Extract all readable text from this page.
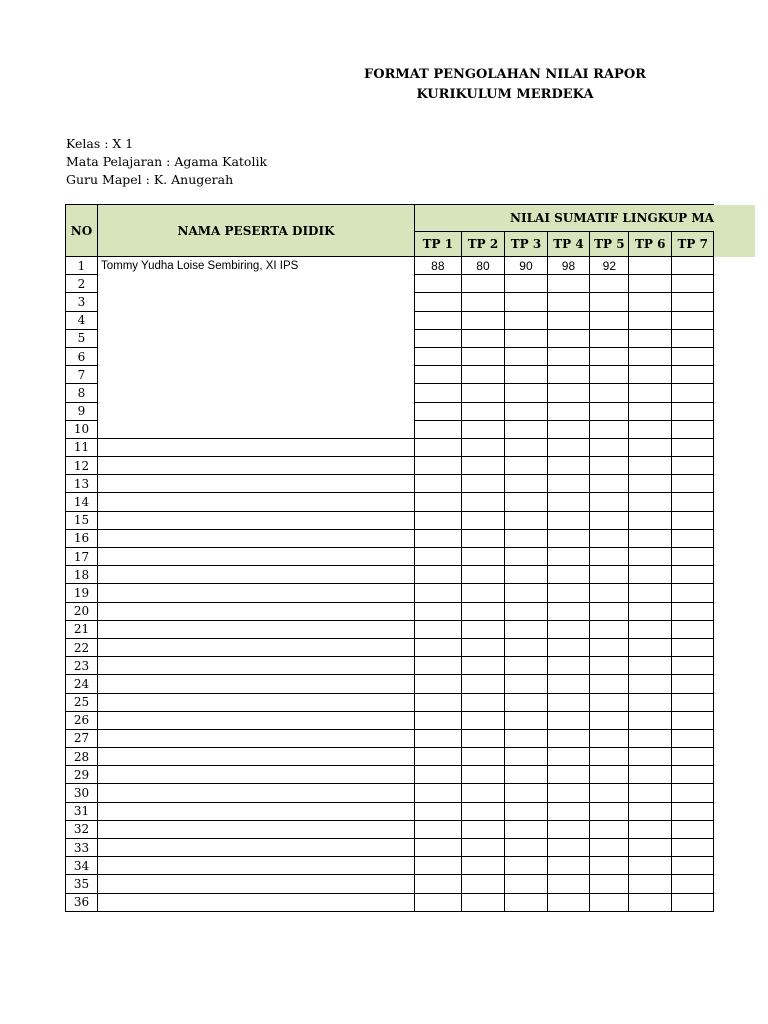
FORMAT PENGOLAHAN NILAI RAPOR
KURIKULUM MERDEKA
Kelas : X 1
Mata Pelajaran : Agama Katolik
Guru Mapel : K. Anugerah
NO	NAMA PESERTA DIDIK	NILAI SUMATIF LINGKUP MA							
		TP 1	TP 2	TP 3	TP 4	TP 5	TP 6	TP 7	
1	Tommy Yudha Loise Sembiring, XI IPS	88	80	90	98	92			
2									
3									
4									
5									
6									
7									
8									
9									
10									
11									
12									
13									
14									
15									
16									
17									
18									
19									
20									
21									
22									
23									
24									
25									
26									
27									
28									
29									
30									
31									
32									
33									
34									
35									
36									
